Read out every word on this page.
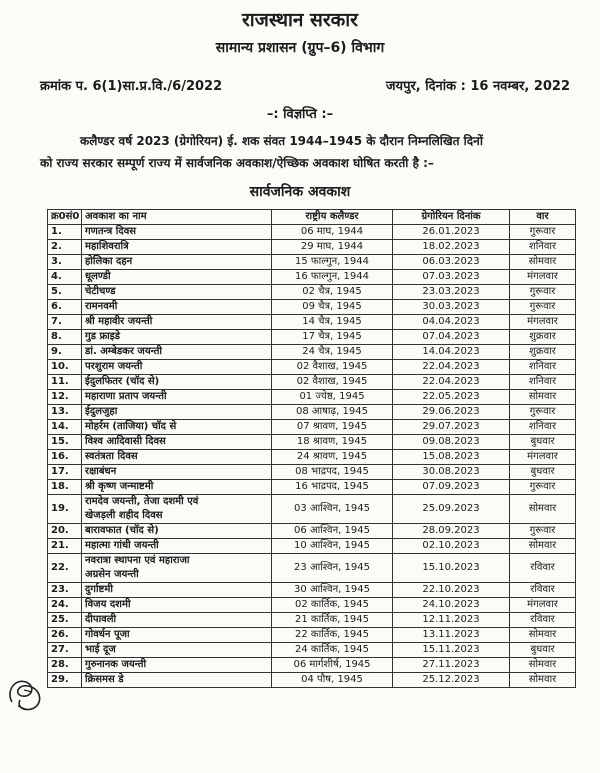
राजस्थान सरकार
सामान्य प्रशासन (ग्रुप–6) विभाग
क्रमांक प. 6(1)सा.प्र.वि./6/2022	जयपुर, दिनांक : 16 नवम्बर, 2022
–: विज्ञप्ति :–
कलैण्डर वर्ष 2023 (ग्रेगोरियन) ई. शक संवत 1944–1945 के दौरान निम्नलिखित दिनों
को राज्य सरकार सम्पूर्ण राज्य में सार्वजनिक अवकाश/ऐच्छिक अवकाश घोषित करती है :–
सार्वजनिक अवकाश
क्र0सं0	अवकाश का नाम	राष्ट्रीय कलैण्डर	ग्रेगोरियन दिनांक	वार
1.	गणतन्त्र दिवस	06 माघ, 1944	26.01.2023	गुरूवार
2.	महाशिवरात्रि	29 माघ, 1944	18.02.2023	शनिवार
3.	होलिका दहन	15 फाल्गुन, 1944	06.03.2023	सोमवार
4.	धूलण्डी	16 फाल्गुन, 1944	07.03.2023	मंगलवार
5.	चेटीचण्ड	02 चैत्र, 1945	23.03.2023	गुरूवार
6.	रामनवमी	09 चैत्र, 1945	30.03.2023	गुरूवार
7.	श्री महावीर जयन्ती	14 चैत्र, 1945	04.04.2023	मंगलवार
8.	गुड फ्राइडे	17 चैत्र, 1945	07.04.2023	शुक्रवार
9.	डां. अम्बेडकर जयन्ती	24 चैत्र, 1945	14.04.2023	शुक्रवार
10.	परशुराम जयन्ती	02 वैशाख, 1945	22.04.2023	शनिवार
11.	ईदुलफितर (चॉद से)	02 वैशाख, 1945	22.04.2023	शनिवार
12.	महाराणा प्रताप जयन्ती	01 ज्येष्ठ, 1945	22.05.2023	सोमवार
13.	ईदुलजुहा	08 आषाढ़, 1945	29.06.2023	गुरूवार
14.	मोहर्रम (ताजिया) चॉद से	07 श्रावण, 1945	29.07.2023	शनिवार
15.	विश्व आदिवासी दिवस	18 श्रावण, 1945	09.08.2023	बुधवार
16.	स्वतंत्रता दिवस	24 श्रावण, 1945	15.08.2023	मंगलवार
17.	रक्षाबंधन	08 भाद्रपद, 1945	30.08.2023	बुधवार
18.	श्री कृष्ण जन्माष्टमी	16 भाद्रपद, 1945	07.09.2023	गुरूवार
19.	रामदेव जयन्ती, तेजा दशमी एवं
खेजड़ली शहीद दिवस	03 आश्विन, 1945	25.09.2023	सोमवार
20.	बारावफात (चॉद से)	06 आश्विन, 1945	28.09.2023	गुरूवार
21.	महात्मा गांधी जयन्ती	10 आश्विन, 1945	02.10.2023	सोमवार
22.	नवरात्रा स्थापना एवं महाराजा
अग्रसेन जयन्ती	23 आश्विन, 1945	15.10.2023	रविवार
23.	दुर्गाष्टमी	30 आश्विन, 1945	22.10.2023	रविवार
24.	विजय दशमी	02 कार्तिक, 1945	24.10.2023	मंगलवार
25.	दीपावली	21 कार्तिक, 1945	12.11.2023	रविवार
26.	गोवर्धन पूजा	22 कार्तिक, 1945	13.11.2023	सोमवार
27.	भाई दूज	24 कार्तिक, 1945	15.11.2023	बुधवार
28.	गुरुनानक जयन्ती	06 मार्गशीर्ष, 1945	27.11.2023	सोमवार
29.	क्रिसमस डे	04 पौष, 1945	25.12.2023	सोमवार
